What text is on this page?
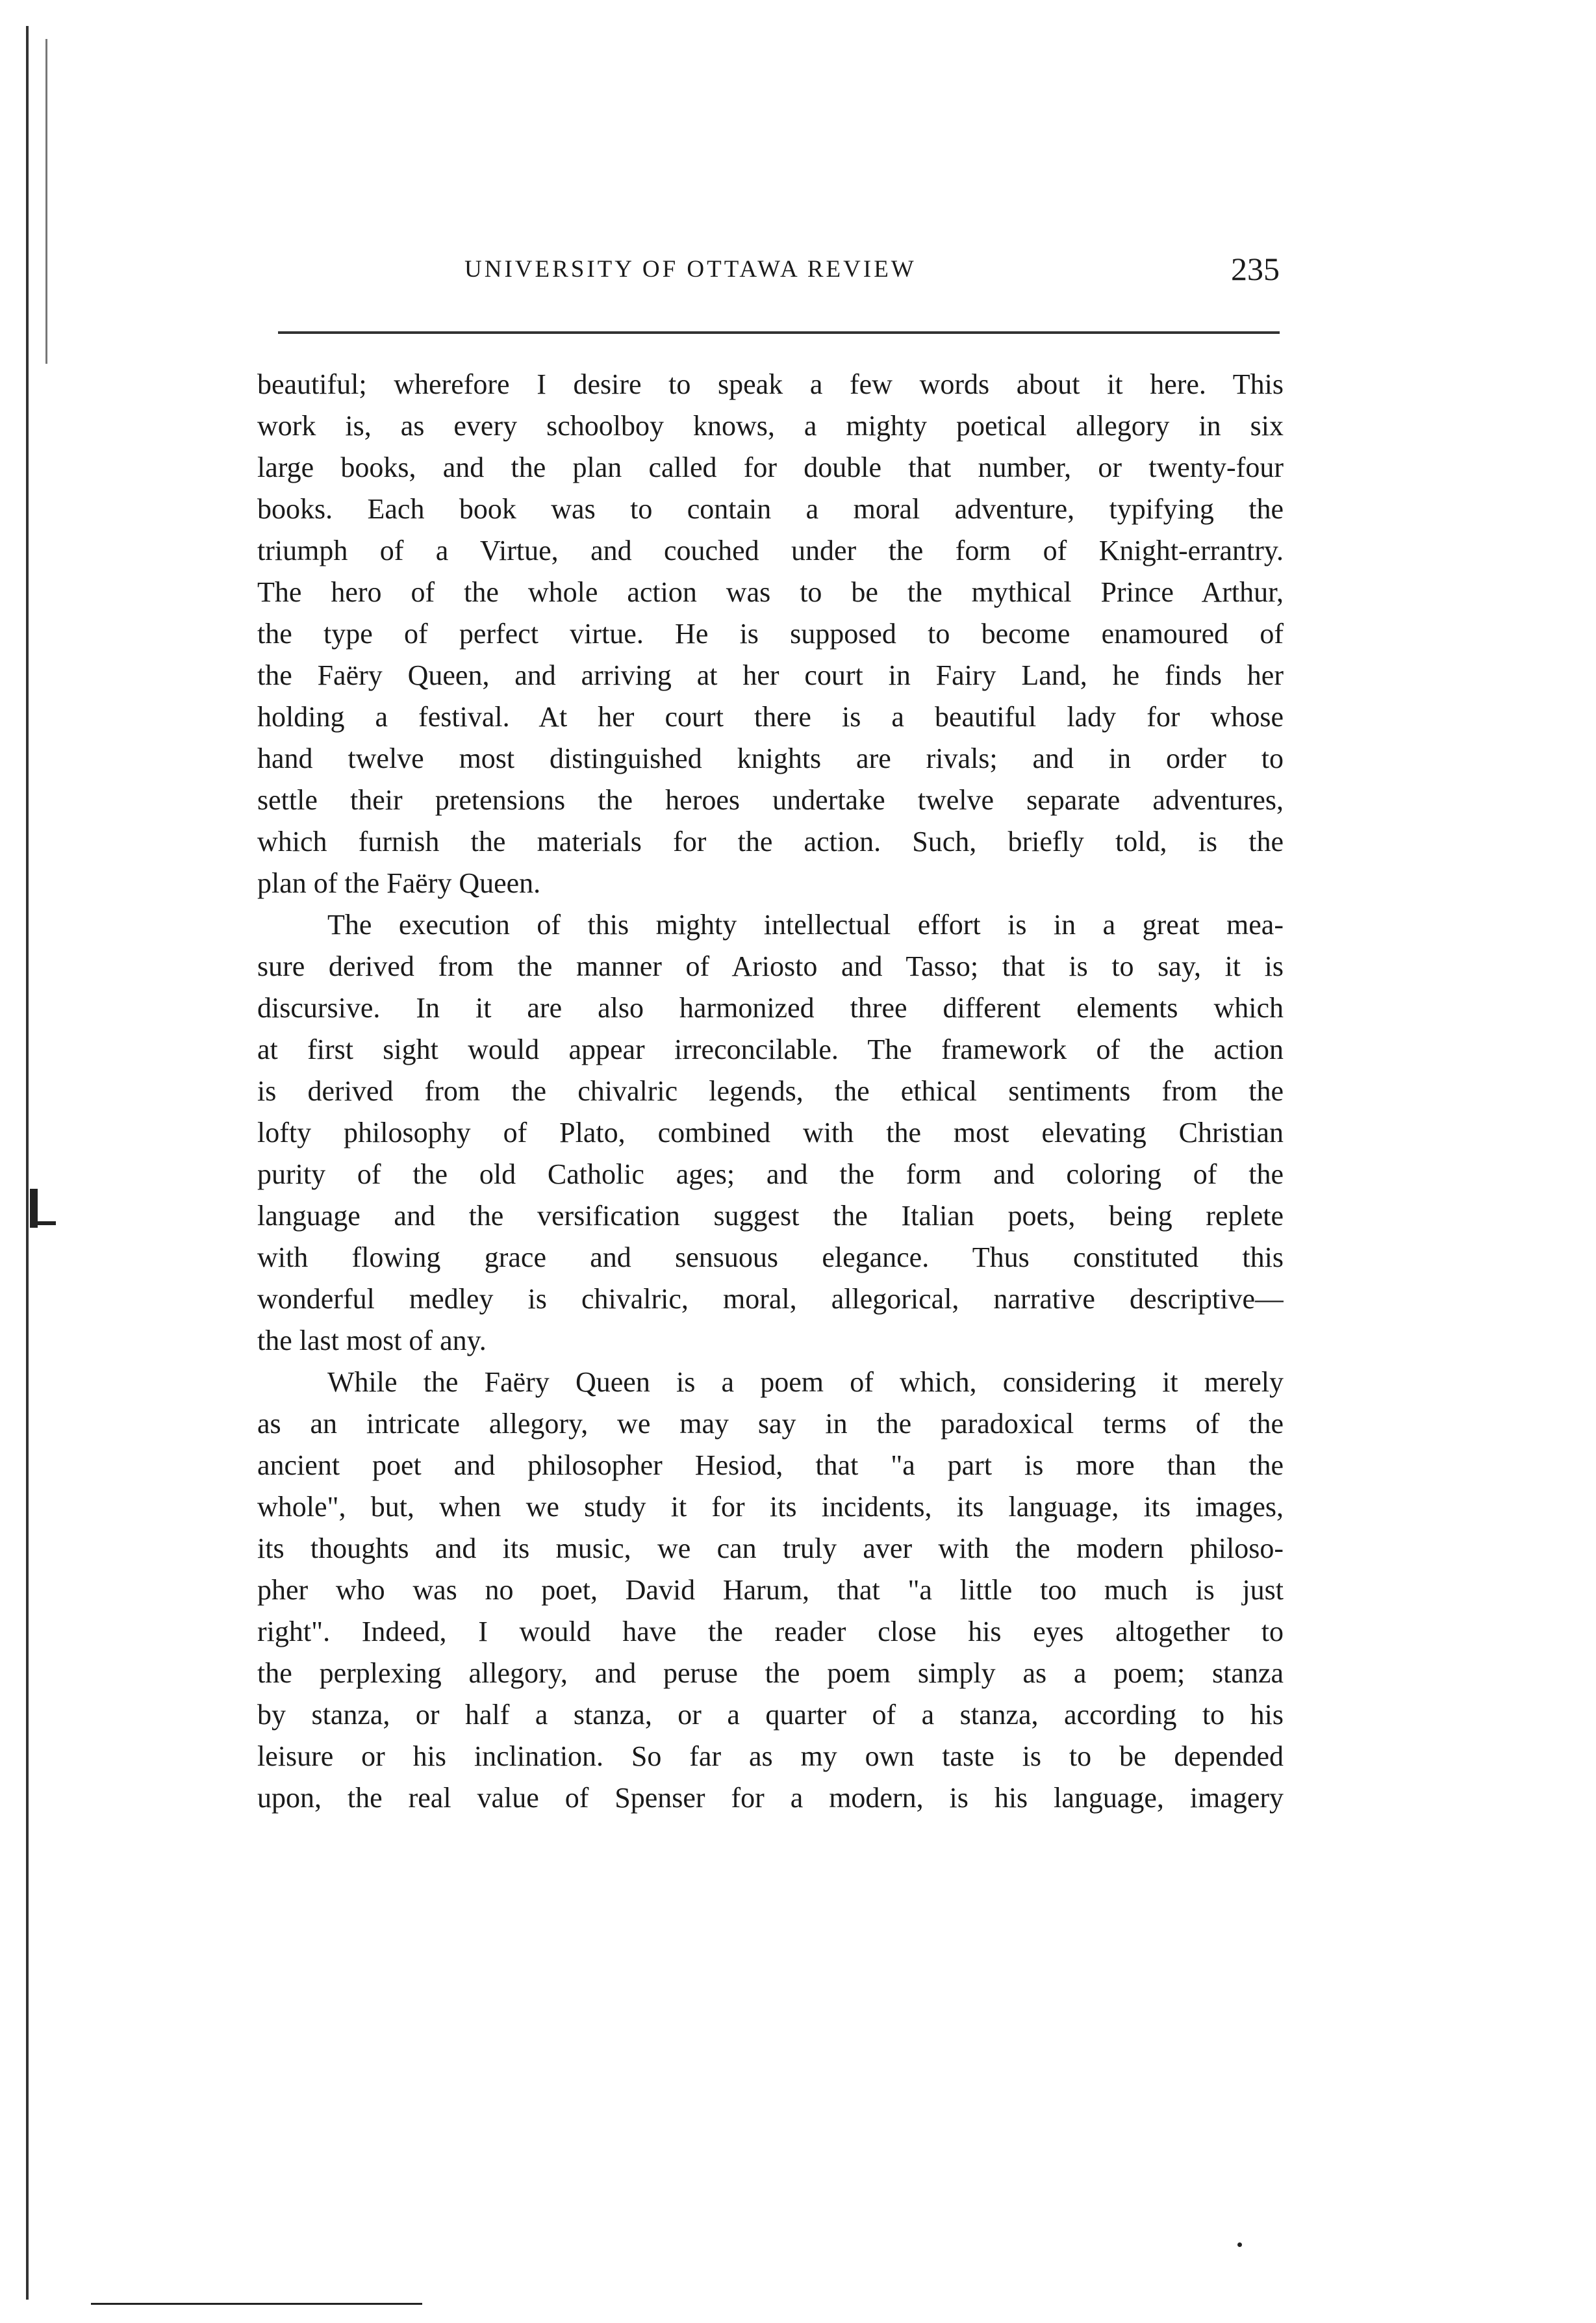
UNIVERSITY OF OTTAWA REVIEW	235
beautiful; wherefore I desire to speak a few words about it here. This
work is, as every schoolboy knows, a mighty poetical allegory in six
large books, and the plan called for double that number, or twenty-four
books. Each book was to contain a moral adventure, typifying the
triumph of a Virtue, and couched under the form of Knight-errantry.
The hero of the whole action was to be the mythical Prince Arthur,
the type of perfect virtue. He is supposed to become enamoured of
the Faëry Queen, and arriving at her court in Fairy Land, he finds her
holding a festival. At her court there is a beautiful lady for whose
hand twelve most distinguished knights are rivals; and in order to
settle their pretensions the heroes undertake twelve separate adventures,
which furnish the materials for the action. Such, briefly told, is the
plan of the Faëry Queen.
The execution of this mighty intellectual effort is in a great mea-
sure derived from the manner of Ariosto and Tasso; that is to say, it is
discursive. In it are also harmonized three different elements which
at first sight would appear irreconcilable. The framework of the action
is derived from the chivalric legends, the ethical sentiments from the
lofty philosophy of Plato, combined with the most elevating Christian
purity of the old Catholic ages; and the form and coloring of the
language and the versification suggest the Italian poets, being replete
with flowing grace and sensuous elegance. Thus constituted this
wonderful medley is chivalric, moral, allegorical, narrative descriptive—
the last most of any.
While the Faëry Queen is a poem of which, considering it merely
as an intricate allegory, we may say in the paradoxical terms of the
ancient poet and philosopher Hesiod, that "a part is more than the
whole", but, when we study it for its incidents, its language, its images,
its thoughts and its music, we can truly aver with the modern philoso-
pher who was no poet, David Harum, that "a little too much is just
right". Indeed, I would have the reader close his eyes altogether to
the perplexing allegory, and peruse the poem simply as a poem; stanza
by stanza, or half a stanza, or a quarter of a stanza, according to his
leisure or his inclination. So far as my own taste is to be depended
upon, the real value of Spenser for a modern, is his language, imagery
